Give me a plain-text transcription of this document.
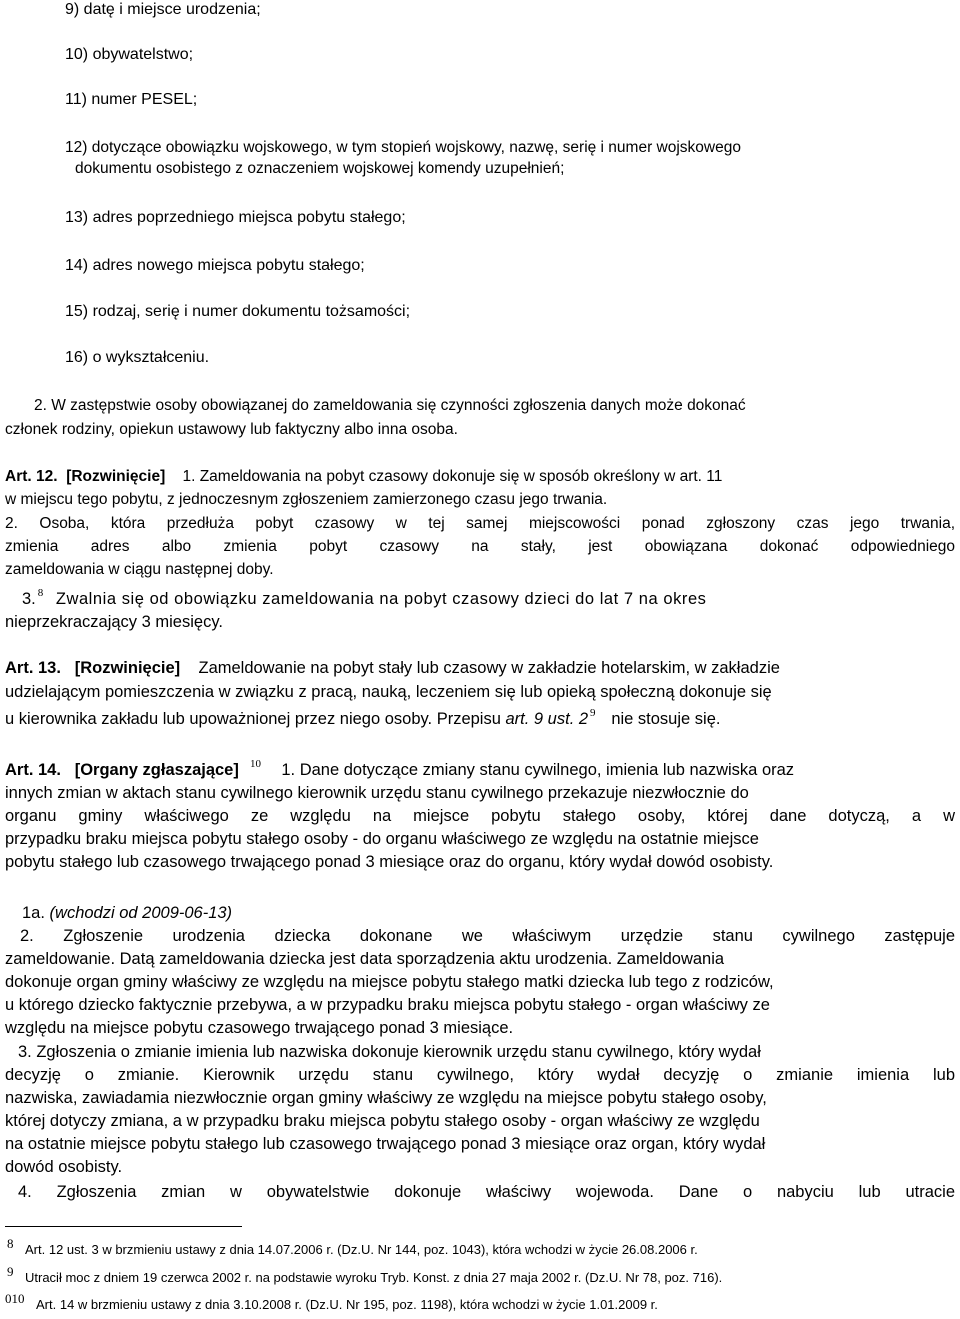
9) datę i miejsce urodzenia;
10) obywatelstwo;
11) numer PESEL;
12) dotyczące obowiązku wojskowego, w tym stopień wojskowy, nazwę, serię i numer wojskowego
dokumentu osobistego z oznaczeniem wojskowej komendy uzupełnień;
13) adres poprzedniego miejsca pobytu stałego;
14) adres nowego miejsca pobytu stałego;
15) rodzaj, serię i numer dokumentu tożsamości;
16) o wykształceniu.
2. W zastępstwie osoby obowiązanej do zameldowania się czynności zgłoszenia danych może dokonać
członek rodziny, opiekun ustawowy lub faktyczny albo inna osoba.
Art. 12. [Rozwinięcie] 1. Zameldowania na pobyt czasowy dokonuje się w sposób określony w art. 11
w miejscu tego pobytu, z jednoczesnym zgłoszeniem zamierzonego czasu jego trwania.
2. Osoba, która przedłuża pobyt czasowy w tej samej miejscowości ponad zgłoszony czas jego trwania,
zmienia adres albo zmienia pobyt czasowy na stały, jest obowiązana dokonać odpowiedniego
zameldowania w ciągu następnej doby.
3. $^8$ Zwalnia się od obowiązku zameldowania na pobyt czasowy dzieci do lat 7 na okres
nieprzekraczający 3 miesięcy.
Art. 13. [Rozwinięcie] Zameldowanie na pobyt stały lub czasowy w zakładzie hotelarskim, w zakładzie
udzielającym pomieszczenia w związku z pracą, nauką, leczeniem się lub opieką społeczną dokonuje się
u kierownika zakładu lub upoważnionej przez niego osoby. Przepisu art. 9 ust. 2 $^9$ nie stosuje się.
Art. 14. [Organy zgłaszające] $^{10}$ 1. Dane dotyczące zmiany stanu cywilnego, imienia lub nazwiska oraz
innych zmian w aktach stanu cywilnego kierownik urzędu stanu cywilnego przekazuje niezwłocznie do
organu gminy właściwego ze względu na miejsce pobytu stałego osoby, której dane dotyczą, a w
przypadku braku miejsca pobytu stałego osoby - do organu właściwego ze względu na ostatnie miejsce
pobytu stałego lub czasowego trwającego ponad 3 miesiące oraz do organu, który wydał dowód osobisty.
1a. (wchodzi od 2009-06-13)
2. Zgłoszenie urodzenia dziecka dokonane we właściwym urzędzie stanu cywilnego zastępuje
zameldowanie. Datą zameldowania dziecka jest data sporządzenia aktu urodzenia. Zameldowania
dokonuje organ gminy właściwy ze względu na miejsce pobytu stałego matki dziecka lub tego z rodziców,
u którego dziecko faktycznie przebywa, a w przypadku braku miejsca pobytu stałego - organ właściwy ze
względu na miejsce pobytu czasowego trwającego ponad 3 miesiące.
3. Zgłoszenia o zmianie imienia lub nazwiska dokonuje kierownik urzędu stanu cywilnego, który wydał
decyzję o zmianie. Kierownik urzędu stanu cywilnego, który wydał decyzję o zmianie imienia lub
nazwiska, zawiadamia niezwłocznie organ gminy właściwy ze względu na miejsce pobytu stałego osoby,
której dotyczy zmiana, a w przypadku braku miejsca pobytu stałego osoby - organ właściwy ze względu
na ostatnie miejsce pobytu stałego lub czasowego trwającego ponad 3 miesiące oraz organ, który wydał
dowód osobisty.
4. Zgłoszenia zmian w obywatelstwie dokonuje właściwy wojewoda. Dane o nabyciu lub utracie
8 Art. 12 ust. 3 w brzmieniu ustawy z dnia 14.07.2006 r. (Dz.U. Nr 144, poz. 1043), która wchodzi w życie 26.08.2006 r.
9 Utracił moc z dniem 19 czerwca 2002 r. na podstawie wyroku Tryb. Konst. z dnia 27 maja 2002 r. (Dz.U. Nr 78, poz. 716).
010 Art. 14 w brzmieniu ustawy z dnia 3.10.2008 r. (Dz.U. Nr 195, poz. 1198), która wchodzi w życie 1.01.2009 r.
